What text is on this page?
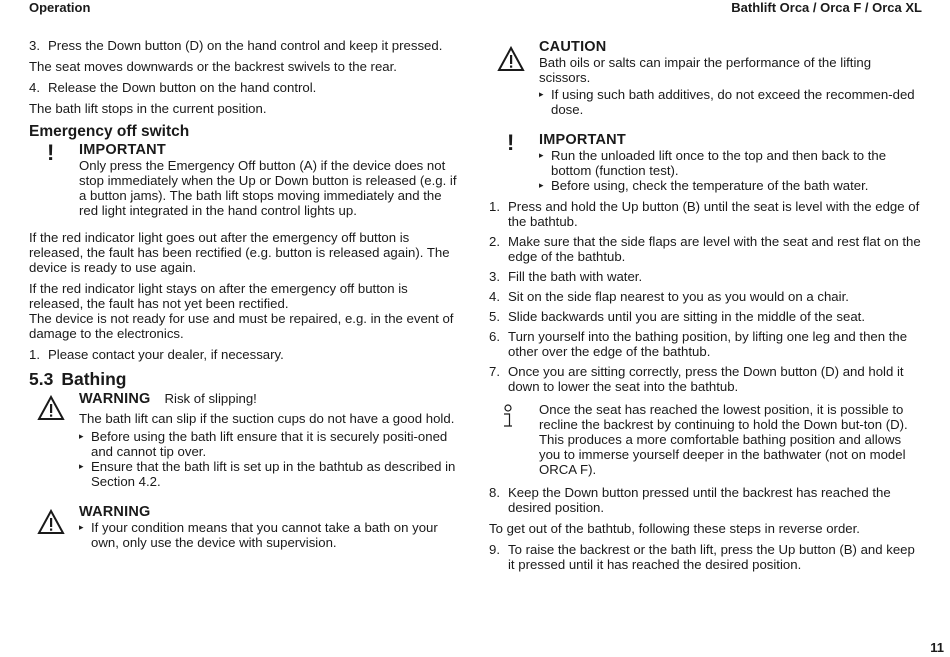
Operation	Bathlift Orca / Orca F / Orca XL
3. Press the Down button (D) on the hand control and keep it pressed.

The seat moves downwards or the backrest swivels to the rear.

4. Release the Down button on the hand control.

The bath lift stops in the current position.

Emergency off switch
! IMPORTANT

Only press the Emergency Off button (A) if the device does not stop immediately when the Up or Down button is released (e.g. if a button jams). The bath lift stops moving immediately and the red light integrated in the hand control lights up.

If the red indicator light goes out after the emergency off button is released, the fault has been rectified (e.g. button is released again). The device is ready to use again.

If the red indicator light stays on after the emergency off button is released, the fault has not yet been rectified.

The device is not ready for use and must be repaired, e.g. in the event of damage to the electronics.

1. Please contact your dealer, if necessary.
5.3 Bathing
WARNING Risk of slipping!

The bath lift can slip if the suction cups do not have a good hold.

▸ Before using the bath lift ensure that it is securely positi-oned and cannot tip over.
▸ Ensure that the bath lift is set up in the bathtub as described in Section 4.2.
WARNING
▸ If your condition means that you cannot take a bath on your own, only use the device with supervision.
CAUTION

Bath oils or salts can impair the performance of the lifting scissors.

▸ If using such bath additives, do not exceed the recommen-ded dose.
! IMPORTANT
▸ Run the unloaded lift once to the top and then back to the bottom (function test).
▸ Before using, check the temperature of the bath water.
1. Press and hold the Up button (B) until the seat is level with the edge of the bathtub.
2. Make sure that the side flaps are level with the seat and rest flat on the edge of the bathtub.
3. Fill the bath with water.
4. Sit on the side flap nearest to you as you would on a chair.
5. Slide backwards until you are sitting in the middle of the seat.
6. Turn yourself into the bathing position, by lifting one leg and then the other over the edge of the bathtub.
7. Once you are sitting correctly, press the Down button (D) and hold it down to lower the seat into the bathtub.

Once the seat has reached the lowest position, it is possible to recline the backrest by continuing to hold the Down but-ton (D). This produces a more comfortable bathing position and allows you to immerse yourself deeper in the bathwater (not on model ORCA F).

8. Keep the Down button pressed until the backrest has reached the desired position.

To get out of the bathtub, following these steps in reverse order.

9. To raise the backrest or the bath lift, press the Up button (B) and keep it pressed until it has reached the desired position.
11
